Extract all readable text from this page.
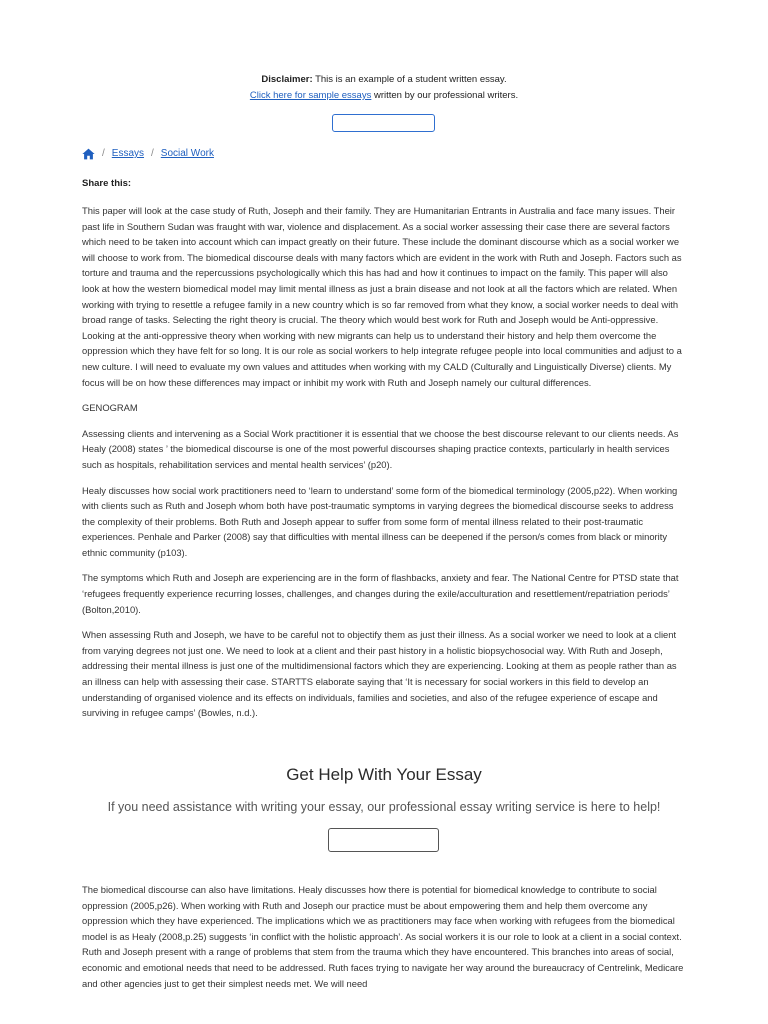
Disclaimer: This is an example of a student written essay.
Click here for sample essays written by our professional writers.
/ Essays / Social Work
Share this:

This paper will look at the case study of Ruth, Joseph and their family. They are Humanitarian Entrants in Australia and face many issues. Their past life in Southern Sudan was fraught with war, violence and displacement. As a social worker assessing their case there are several factors which need to be taken into account which can impact greatly on their future. These include the dominant discourse which as a social worker we will choose to work from. The biomedical discourse deals with many factors which are evident in the work with Ruth and Joseph. Factors such as torture and trauma and the repercussions psychologically which this has had and how it continues to impact on the family. This paper will also look at how the western biomedical model may limit mental illness as just a brain disease and not look at all the factors which are related. When working with trying to resettle a refugee family in a new country which is so far removed from what they know, a social worker needs to deal with broad range of tasks. Selecting the right theory is crucial. The theory which would best work for Ruth and Joseph would be Anti-oppressive. Looking at the anti-oppressive theory when working with new migrants can help us to understand their history and help them overcome the oppression which they have felt for so long. It is our role as social workers to help integrate refugee people into local communities and adjust to a new culture. I will need to evaluate my own values and attitudes when working with my CALD (Culturally and Linguistically Diverse) clients. My focus will be on how these differences may impact or inhibit my work with Ruth and Joseph namely our cultural differences.

GENOGRAM

Assessing clients and intervening as a Social Work practitioner it is essential that we choose the best discourse relevant to our clients needs. As Healy (2008) states ’ the biomedical discourse is one of the most powerful discourses shaping practice contexts, particularly in health services such as hospitals, rehabilitation services and mental health services’ (p20).

Healy discusses how social work practitioners need to ‘learn to understand’ some form of the biomedical terminology (2005,p22). When working with clients such as Ruth and Joseph whom both have post-traumatic symptoms in varying degrees the biomedical discourse seeks to address the complexity of their problems. Both Ruth and Joseph appear to suffer from some form of mental illness related to their post-traumatic experiences. Penhale and Parker (2008) say that difficulties with mental illness can be deepened if the person/s comes from black or minority ethnic community (p103).

The symptoms which Ruth and Joseph are experiencing are in the form of flashbacks, anxiety and fear. The National Centre for PTSD state that ‘refugees frequently experience recurring losses, challenges, and changes during the exile/acculturation and resettlement/repatriation periods’ (Bolton,2010).

When assessing Ruth and Joseph, we have to be careful not to objectify them as just their illness. As a social worker we need to look at a client from varying degrees not just one. We need to look at a client and their past history in a holistic biopsychosocial way. With Ruth and Joseph, addressing their mental illness is just one of the multidimensional factors which they are experiencing. Looking at them as people rather than as an illness can help with assessing their case. STARTTS elaborate saying that ‘It is necessary for social workers in this field to develop an understanding of organised violence and its effects on individuals, families and societies, and also of the refugee experience of escape and surviving in refugee camps’ (Bowles, n.d.).

Get Help With Your Essay
If you need assistance with writing your essay, our professional essay writing service is here to help!

The biomedical discourse can also have limitations. Healy discusses how there is potential for biomedical knowledge to contribute to social oppression (2005,p26). When working with Ruth and Joseph our practice must be about empowering them and help them overcome any oppression which they have experienced. The implications which we as practitioners may face when working with refugees from the biomedical model is as Healy (2008,p.25) suggests ‘in conflict with the holistic approach’. As social workers it is our role to look at a client in a social context. Ruth and Joseph present with a range of problems that stem from the trauma which they have encountered. This branches into areas of social, economic and emotional needs that need to be addressed. Ruth faces trying to navigate her way around the bureaucracy of Centrelink, Medicare and other agencies just to get their simplest needs met. We will need
